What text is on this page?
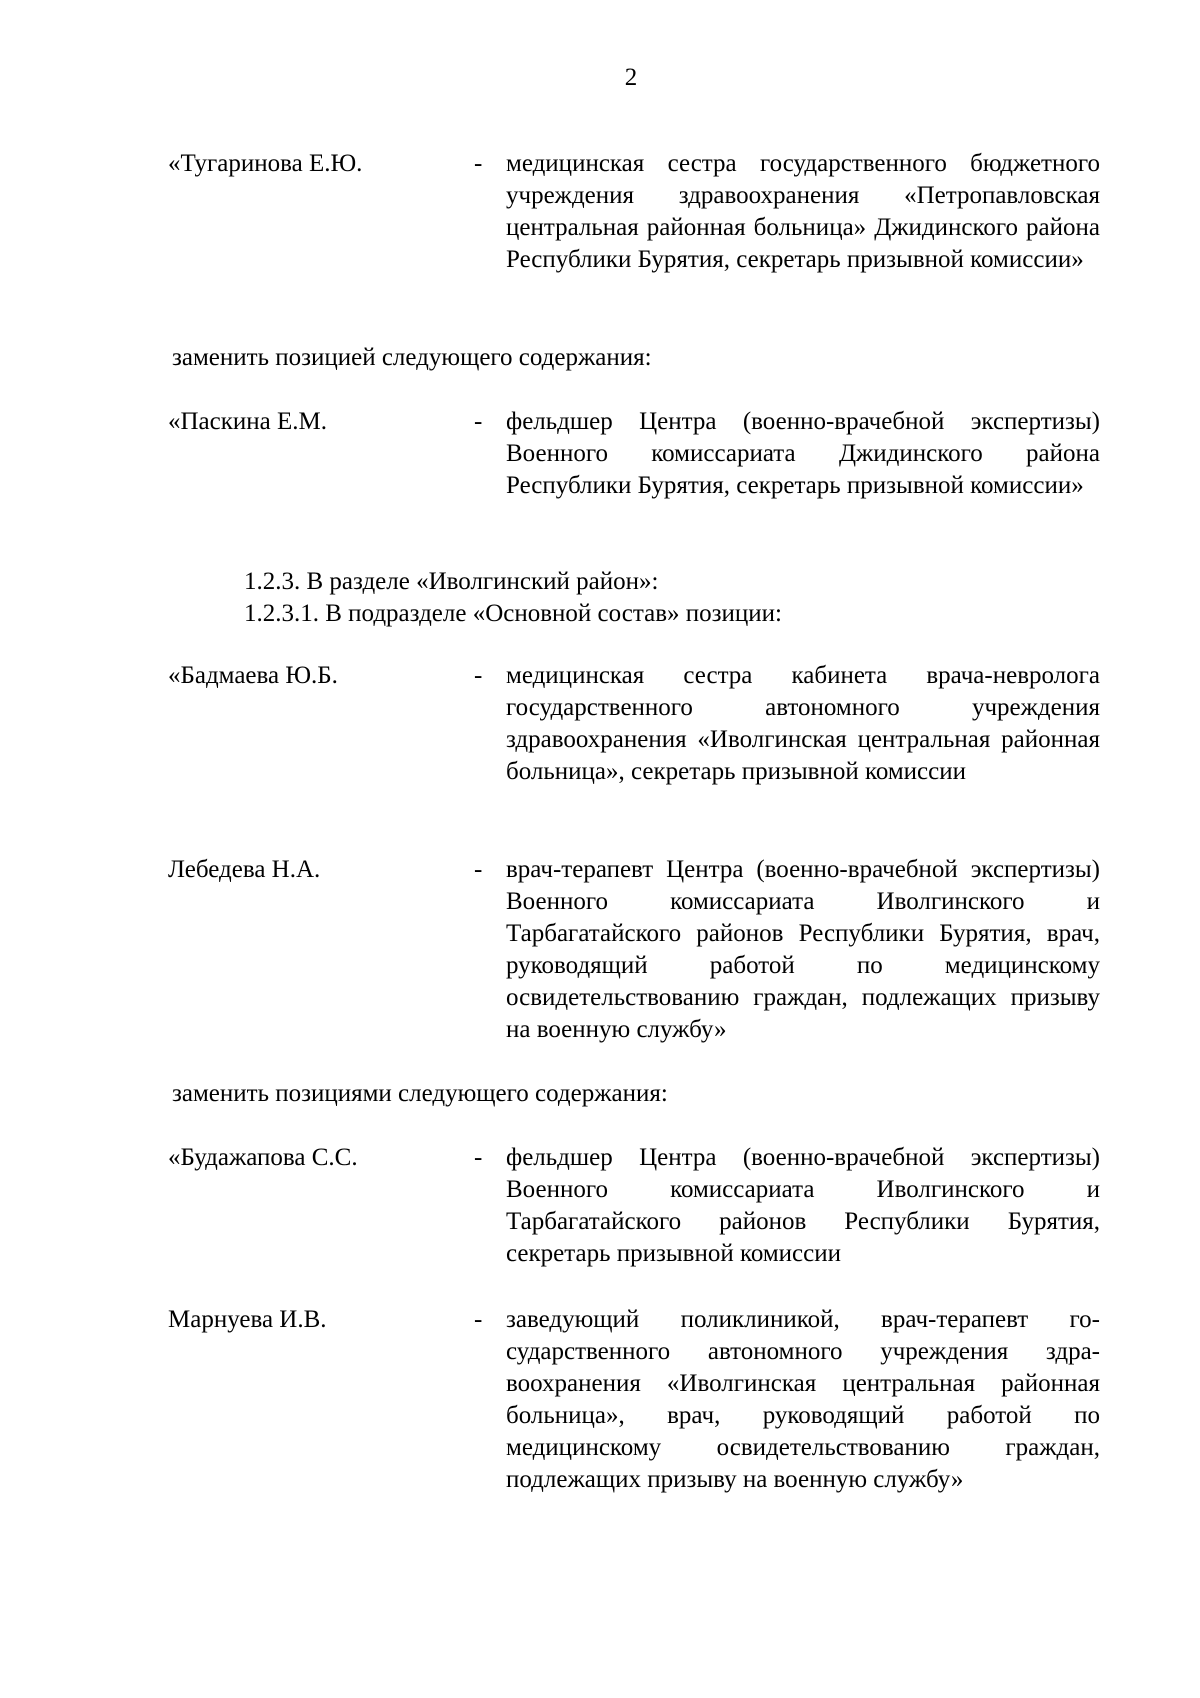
2
«Тугаринова Е.Ю.	- медицинская сестра государственного бюджетного учреждения здравоохранения «Петропавловская центральная районная больница» Джидинского района Республики Бурятия, секретарь призывной комиссии»
заменить позицией следующего содержания:
«Паскина Е.М.	- фельдшер Центра (военно-врачебной экспертизы) Военного комиссариата Джидинского района Республики Бурятия, секретарь призывной комиссии»
1.2.3. В разделе «Иволгинский район»:
1.2.3.1. В подразделе «Основной состав» позиции:
«Бадмаева Ю.Б.	- медицинская сестра кабинета врача-невролога государственного автономного учреждения здравоохранения «Иволгинская центральная районная больница», секретарь призывной комиссии
Лебедева Н.А.	- врач-терапевт Центра (военно-врачебной экспертизы) Военного комиссариата Иволгинского и Тарбагатайского районов Республики Бурятия, врач, руководящий работой по медицинскому освидетельствованию граждан, подлежащих призыву на военную службу»
заменить позициями следующего содержания:
«Будажапова С.С.	- фельдшер Центра (военно-врачебной экспертизы) Военного комиссариата Иволгинского и Тарбагатайского районов Республики Бурятия, секретарь призывной комиссии
Марнуева И.В.	- заведующий поликлиникой, врач-терапевт государственного автономного учреждения здравоохранения «Иволгинская центральная районная больница», врач, руководящий работой по медицинскому освидетельствованию граждан, подлежащих призыву на военную службу»
